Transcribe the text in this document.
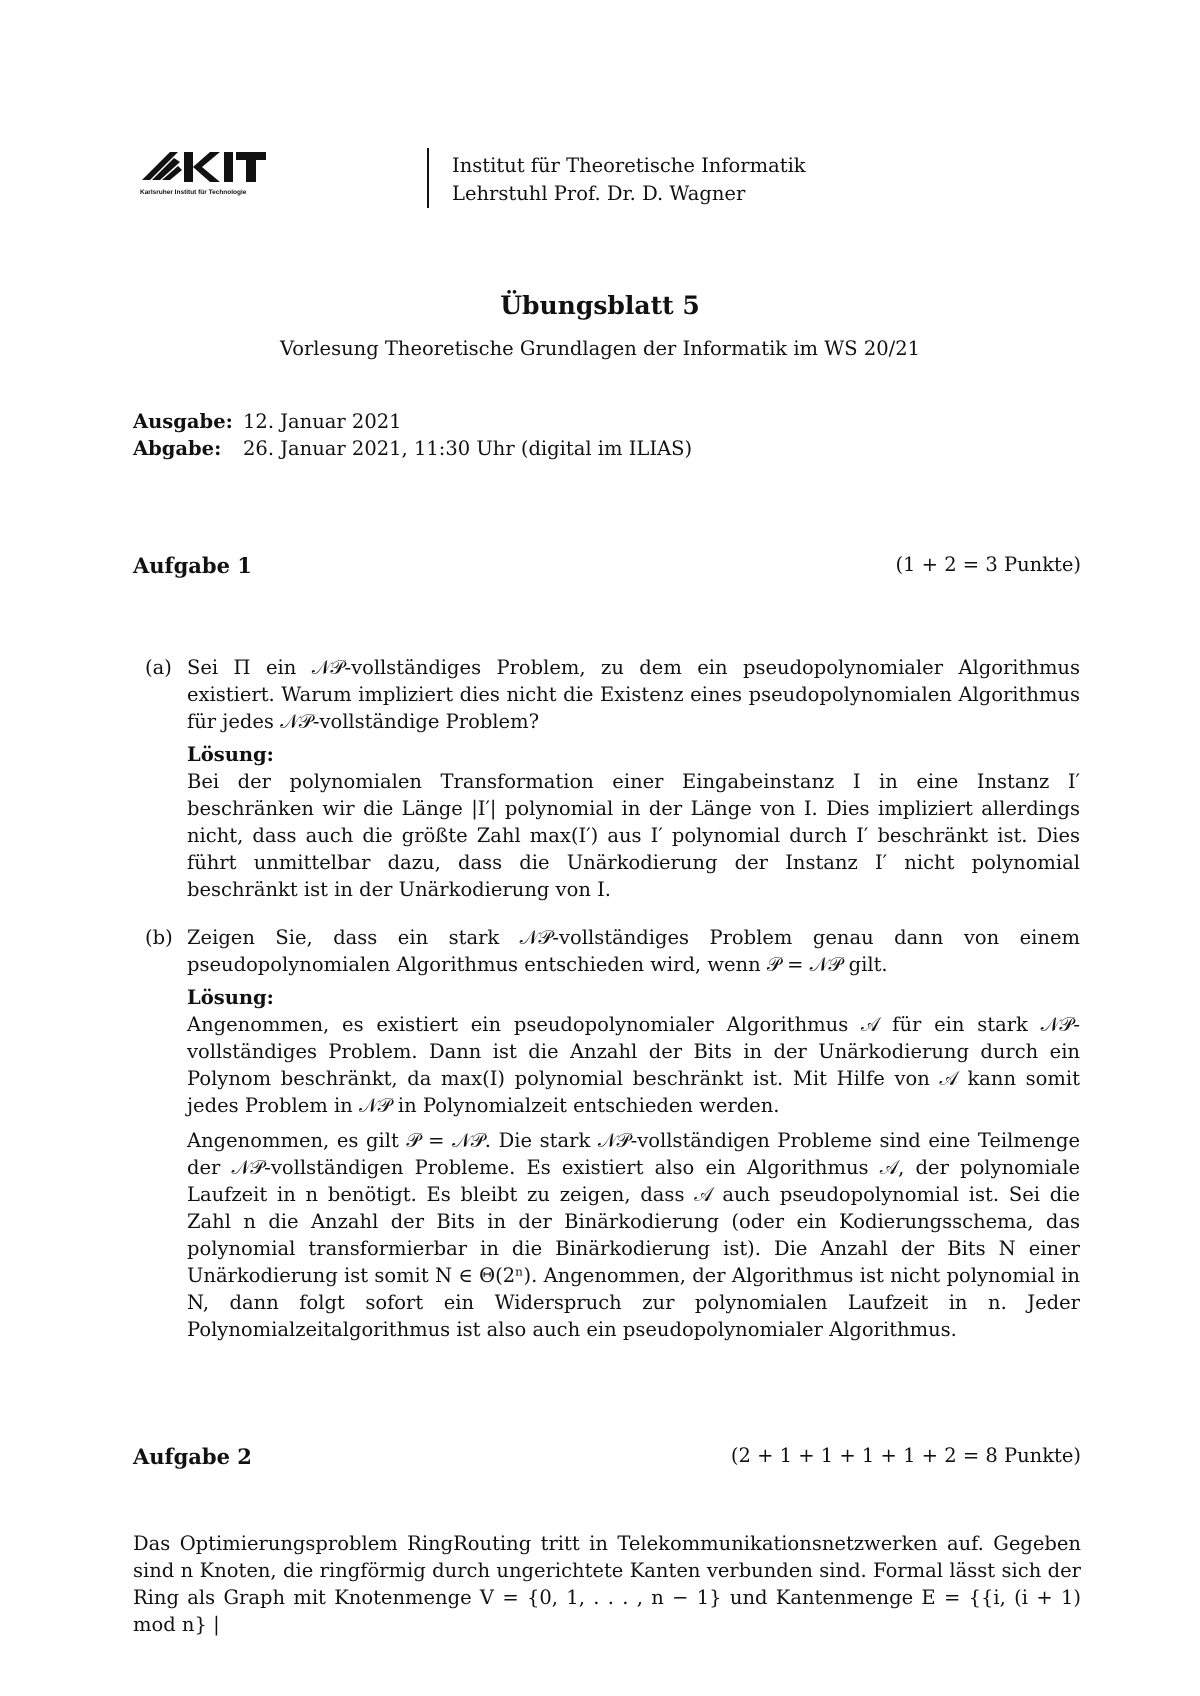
Karlsruher Institut für Technologie
Institut für Theoretische Informatik
Lehrstuhl Prof. Dr. D. Wagner
Übungsblatt 5
Vorlesung Theoretische Grundlagen der Informatik im WS 20/21
Ausgabe: 12. Januar 2021
Abgabe: 26. Januar 2021, 11:30 Uhr (digital im ILIAS)
Aufgabe 1	(1 + 2 = 3 Punkte)
(a) Sei Π ein 𝒩𝒫-vollständiges Problem, zu dem ein pseudopolynomialer Algorithmus existiert. Warum impliziert dies nicht die Existenz eines pseudopolynomialen Algorithmus für jedes 𝒩𝒫-vollständige Problem?

Lösung:

Bei der polynomialen Transformation einer Eingabeinstanz I in eine Instanz I′ beschränken wir die Länge |I′| polynomial in der Länge von I. Dies impliziert allerdings nicht, dass auch die größte Zahl max(I′) aus I′ polynomial durch I′ beschränkt ist. Dies führt unmittelbar dazu, dass die Unärkodierung der Instanz I′ nicht polynomial beschränkt ist in der Unärkodierung von I.

(b) Zeigen Sie, dass ein stark 𝒩𝒫-vollständiges Problem genau dann von einem pseudopolynomialen Algorithmus entschieden wird, wenn 𝒫 = 𝒩𝒫 gilt.

Lösung:

Angenommen, es existiert ein pseudopolynomialer Algorithmus 𝒜 für ein stark 𝒩𝒫-vollständiges Problem. Dann ist die Anzahl der Bits in der Unärkodierung durch ein Polynom beschränkt, da max(I) polynomial beschränkt ist. Mit Hilfe von 𝒜 kann somit jedes Problem in 𝒩𝒫 in Polynomialzeit entschieden werden.

Angenommen, es gilt 𝒫 = 𝒩𝒫. Die stark 𝒩𝒫-vollständigen Probleme sind eine Teilmenge der 𝒩𝒫-vollständigen Probleme. Es existiert also ein Algorithmus 𝒜, der polynomiale Laufzeit in n benötigt. Es bleibt zu zeigen, dass 𝒜 auch pseudopolynomial ist. Sei die Zahl n die Anzahl der Bits in der Binärkodierung (oder ein Kodierungsschema, das polynomial transformierbar in die Binärkodierung ist). Die Anzahl der Bits N einer Unärkodierung ist somit N ∈ Θ(2ⁿ). Angenommen, der Algorithmus ist nicht polynomial in N, dann folgt sofort ein Widerspruch zur polynomialen Laufzeit in n. Jeder Polynomialzeitalgorithmus ist also auch ein pseudopolynomialer Algorithmus.

Aufgabe 2	(2 + 1 + 1 + 1 + 1 + 2 = 8 Punkte)
Das Optimierungsproblem RingRouting tritt in Telekommunikationsnetzwerken auf. Gegeben sind n Knoten, die ringförmig durch ungerichtete Kanten verbunden sind. Formal lässt sich der Ring als Graph mit Knotenmenge V = {0, 1, . . . , n − 1} und Kantenmenge E = {{i, (i + 1) mod n} |
